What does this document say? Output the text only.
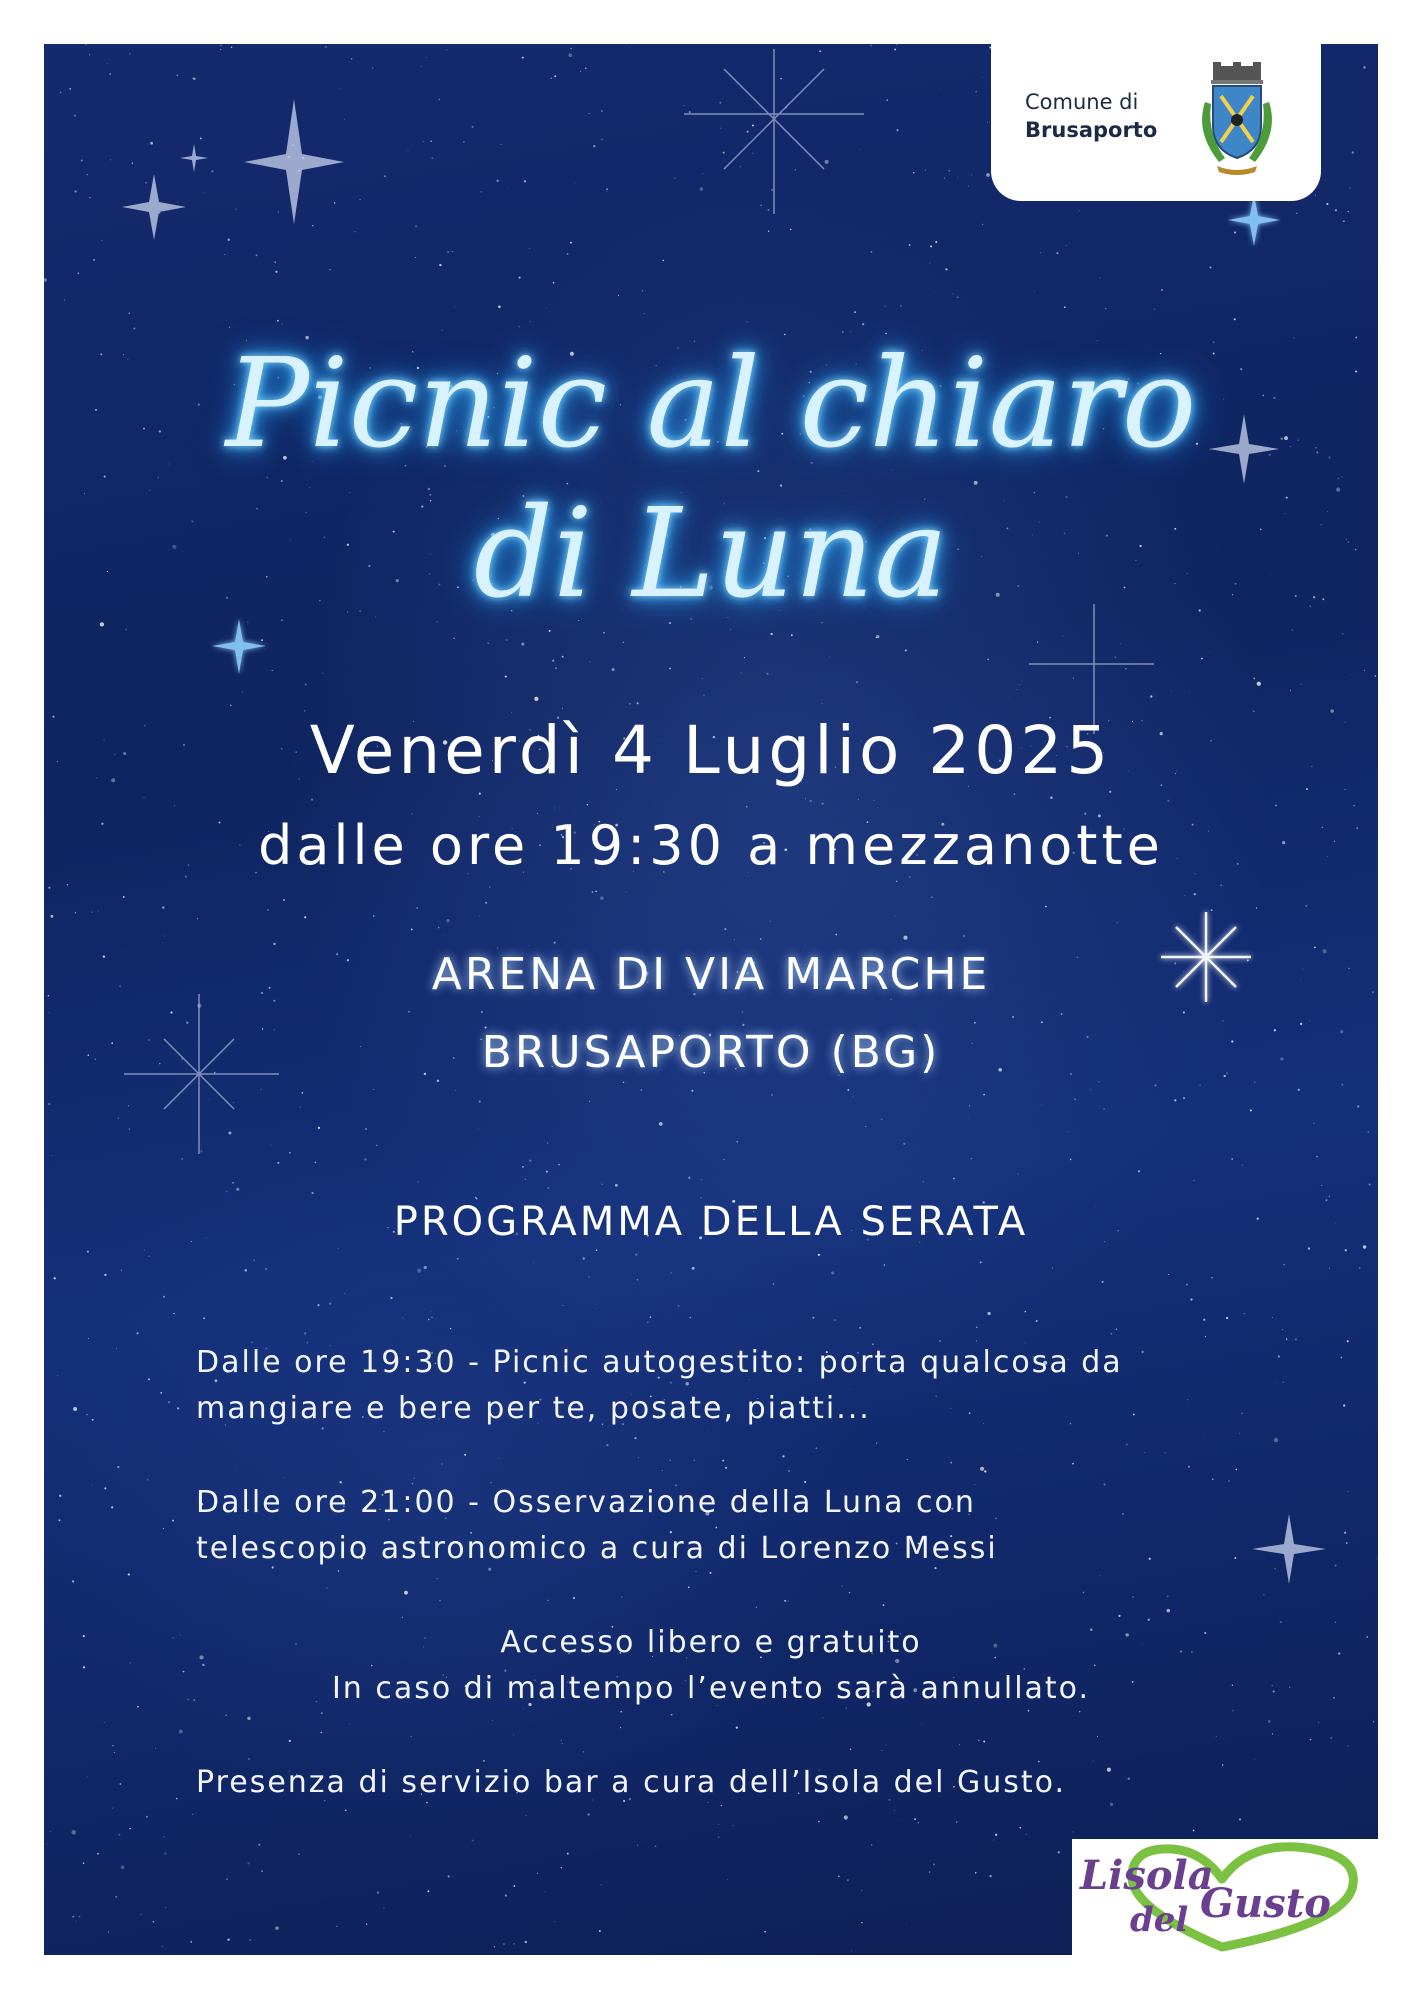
Comune di
Brusaporto
Picnic al chiaro
di Luna
Venerdì 4 Luglio 2025
dalle ore 19:30 a mezzanotte
ARENA DI VIA MARCHE
BRUSAPORTO (BG)
PROGRAMMA DELLA SERATA
Dalle ore 19:30 - Picnic autogestito: porta qualcosa da
mangiare e bere per te, posate, piatti...
Dalle ore 21:00 - Osservazione della Luna con
telescopio astronomico a cura di Lorenzo Messi
Accesso libero e gratuito
In caso di maltempo l’evento sarà annullato.
Presenza di servizio bar a cura dell’Isola del Gusto.
Lisola
del Gusto
